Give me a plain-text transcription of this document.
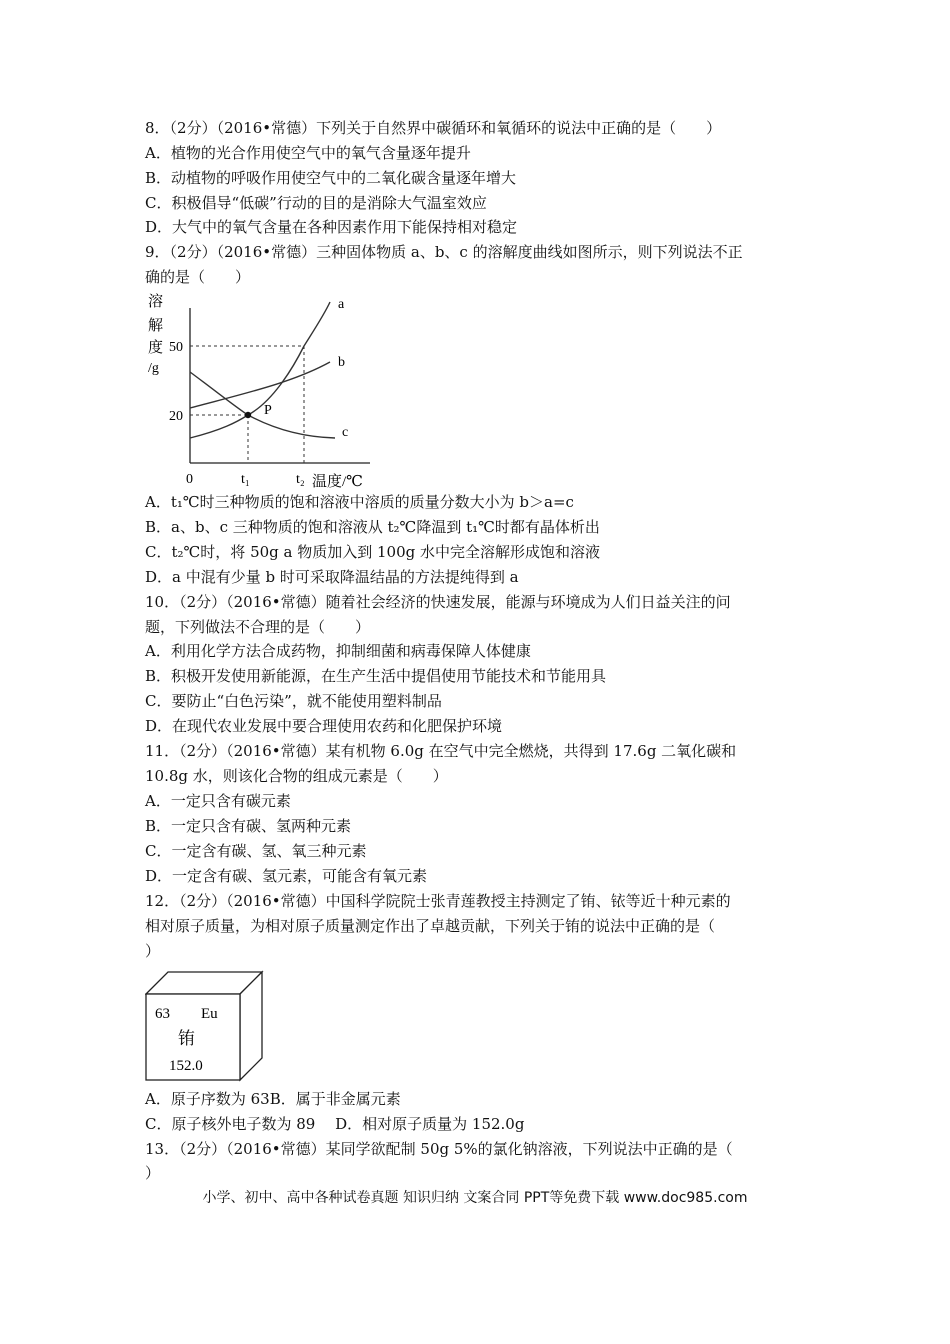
8．（2分）（2016•常德）下列关于自然界中碳循环和氧循环的说法中正确的是（　　）
A．植物的光合作用使空气中的氧气含量逐年提升
B．动植物的呼吸作用使空气中的二氧化碳含量逐年增大
C．积极倡导“低碳”行动的目的是消除大气温室效应
D．大气中的氧气含量在各种因素作用下能保持相对稳定
9．（2分）（2016•常德）三种固体物质 a、b、c 的溶解度曲线如图所示，则下列说法不正
确的是（　　）
A．t₁℃时三种物质的饱和溶液中溶质的质量分数大小为 b＞a=c
B．a、b、c 三种物质的饱和溶液从 t₂℃降温到 t₁℃时都有晶体析出
C．t₂℃时，将 50g a 物质加入到 100g 水中完全溶解形成饱和溶液
D．a 中混有少量 b 时可采取降温结晶的方法提纯得到 a
10．（2分）（2016•常德）随着社会经济的快速发展，能源与环境成为人们日益关注的问
题，下列做法不合理的是（　　）
A．利用化学方法合成药物，抑制细菌和病毒保障人体健康
B．积极开发使用新能源，在生产生活中提倡使用节能技术和节能用具
C．要防止“白色污染”，就不能使用塑料制品
D．在现代农业发展中要合理使用农药和化肥保护环境
11．（2分）（2016•常德）某有机物 6.0g 在空气中完全燃烧，共得到 17.6g 二氧化碳和
10.8g 水，则该化合物的组成元素是（　　）
A．一定只含有碳元素
B．一定只含有碳、氢两种元素
C．一定含有碳、氢、氧三种元素
D．一定含有碳、氢元素，可能含有氧元素
12．（2分）（2016•常德）中国科学院院士张青莲教授主持测定了铕、铱等近十种元素的
相对原子质量，为相对原子质量测定作出了卓越贡献，下列关于铕的说法中正确的是（
）
A．原子序数为 63B．属于非金属元素
C．原子核外电子数为 89　 D．相对原子质量为 152.0g
13．（2分）（2016•常德）某同学欲配制 50g 5%的氯化钠溶液，下列说法中正确的是（
）
溶
解
度
/g
50
20
a
b
c
P
0	t₁	t₂ 温度/℃
63 Eu
铕
152.0
小学、初中、高中各种试卷真题 知识归纳 文案合同 PPT等免费下载 www.doc985.com
